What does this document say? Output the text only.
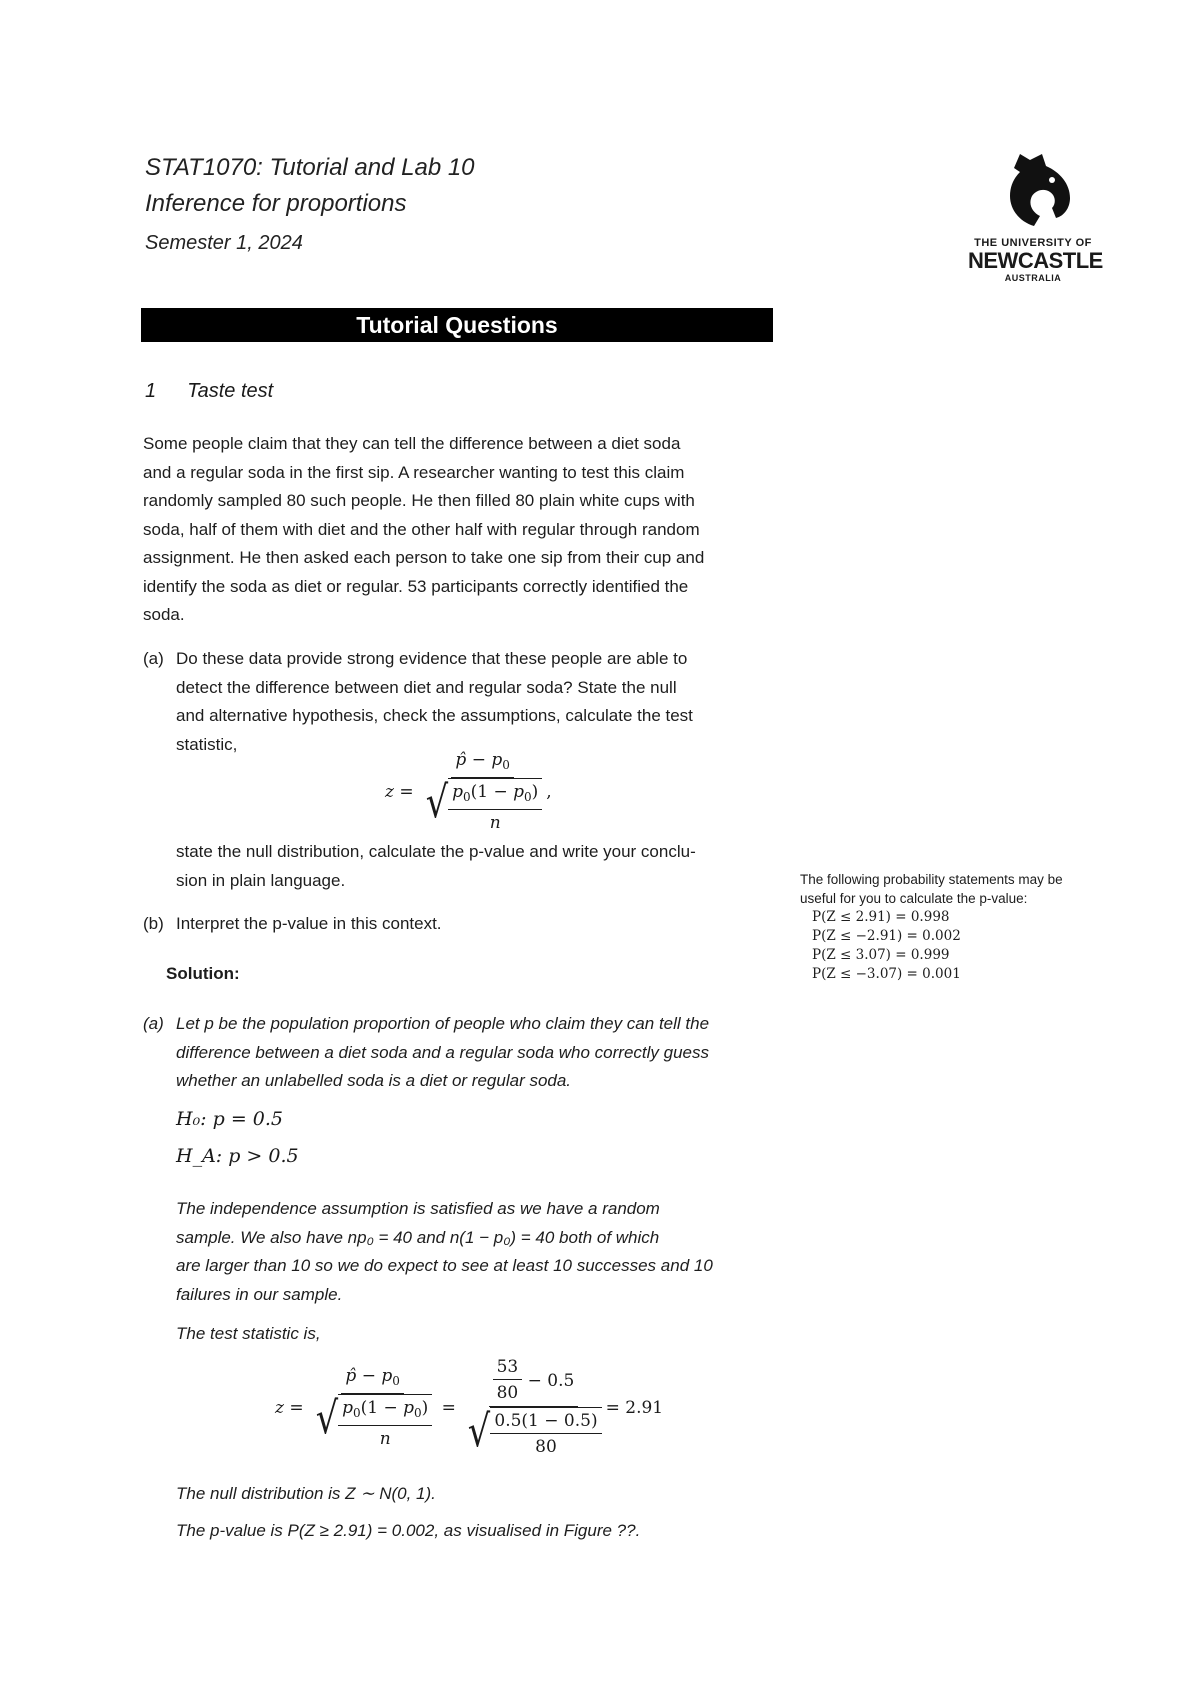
STAT1070: Tutorial and Lab 10
Inference for proportions
Semester 1, 2024	THE UNIVERSITY OF
NEWCASTLE
AUSTRALIA
Tutorial Questions
1 Taste test
Some people claim that they can tell the difference between a diet soda
and a regular soda in the first sip. A researcher wanting to test this claim
randomly sampled 80 such people. He then filled 80 plain white cups with
soda, half of them with diet and the other half with regular through random
assignment. He then asked each person to take one sip from their cup and
identify the soda as diet or regular. 53 participants correctly identified the
soda.
(a) Do these data provide strong evidence that these people are able to
detect the difference between diet and regular soda? State the null
and alternative hypothesis, check the assumptions, calculate the test
statistic,
$z = \frac{p̂ - p_0}{√ \frac{p_0(1 - p_0)}{n}}$ ,
state the null distribution, calculate the p-value and write your conclu-
sion in plain language.
(b) Interpret the p-value in this context.
Solution:
(a) Let p be the population proportion of people who claim they can tell the
difference between a diet soda and a regular soda who correctly guess
whether an unlabelled soda is a diet or regular soda.
H₀: p = 0.5
H_A: p > 0.5
The independence assumption is satisfied as we have a random
sample. We also have np₀ = 40 and n(1 − p₀) = 40 both of which
are larger than 10 so we do expect to see at least 10 successes and 10
failures in our sample.
The test statistic is,
$z = \frac{p̂ - p_0}{√ \frac{p_0(1 - p_0)}{n}} = \frac{\frac{53}{80} - 0.5}{√ \frac{0.5(1 - 0.5)}{80}} = 2.91$
The null distribution is Z ∼ N(0, 1).
The p-value is P(Z ≥ 2.91) = 0.002, as visualised in Figure ??.
The following probability statements may be
useful for you to calculate the p-value:
P(Z ≤ 2.91) = 0.998
P(Z ≤ −2.91) = 0.002
P(Z ≤ 3.07) = 0.999
P(Z ≤ −3.07) = 0.001
